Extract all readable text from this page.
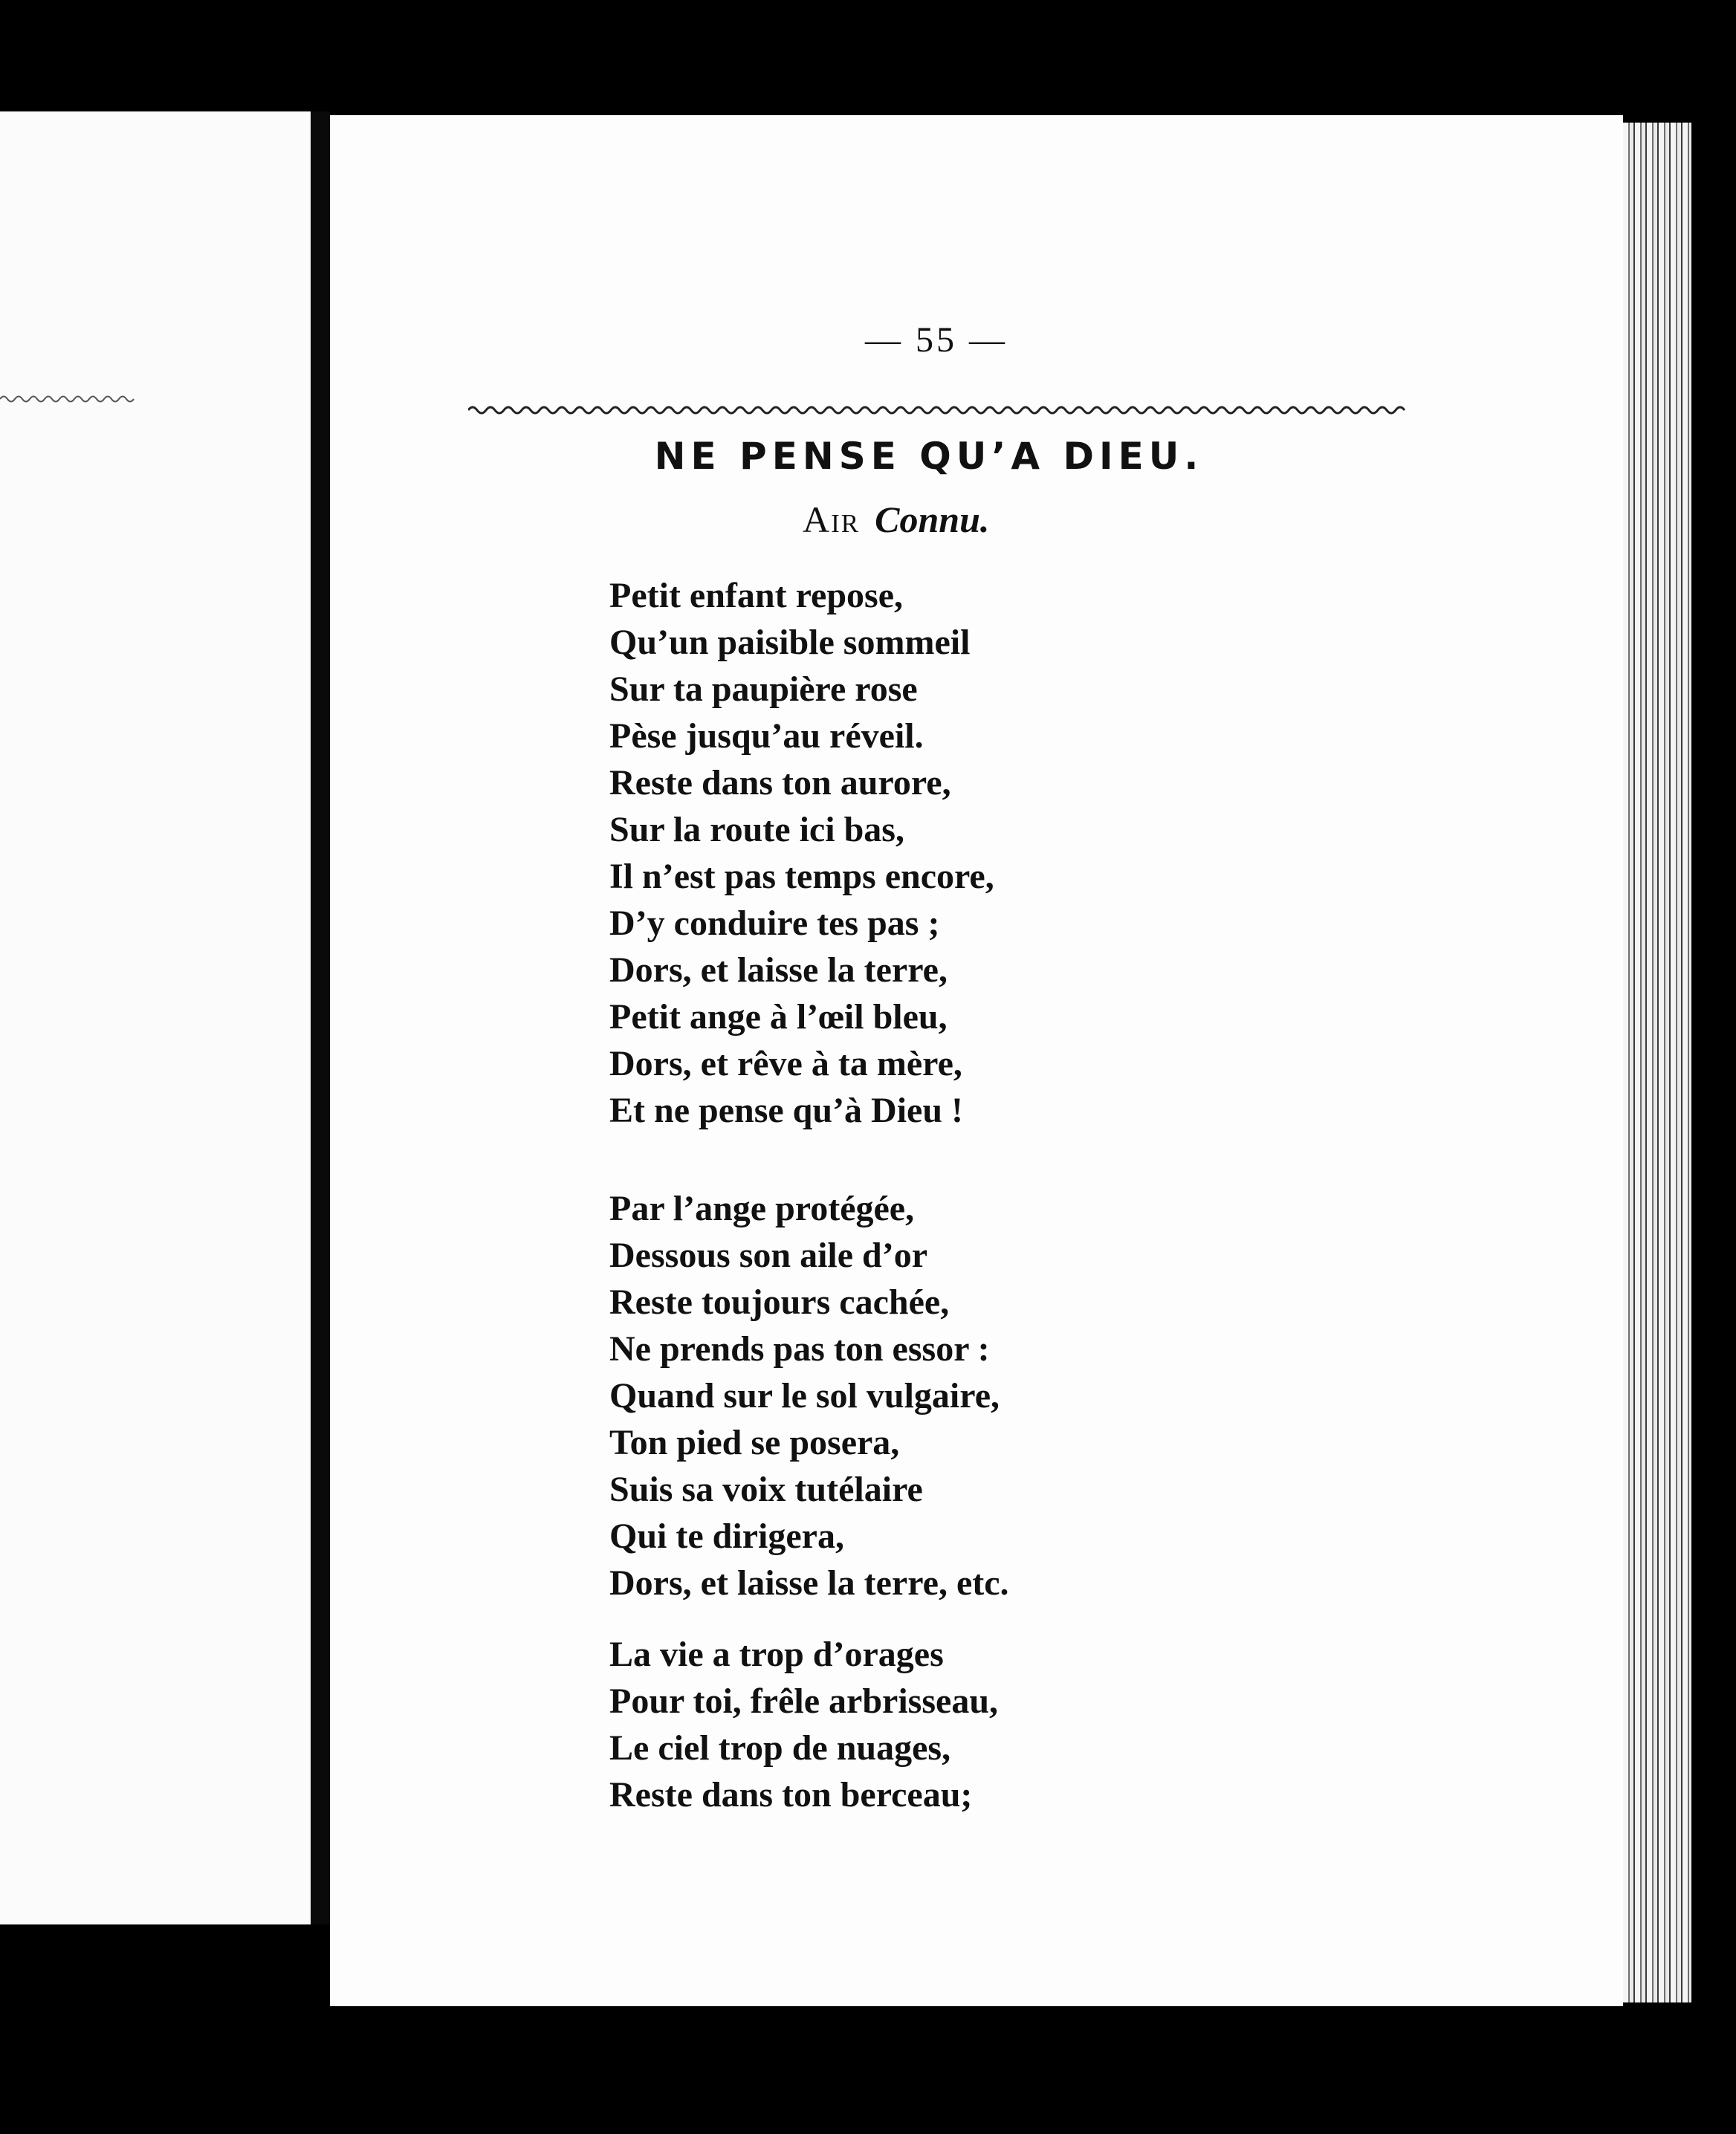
— 55 —
NE PENSE QU’A DIEU.
Air Connu.
Petit enfant repose,
Qu’un paisible sommeil
Sur ta paupière rose
Pèse jusqu’au réveil.
Reste dans ton aurore,
Sur la route ici bas,
Il n’est pas temps encore,
D’y conduire tes pas ;
Dors, et laisse la terre,
Petit ange à l’œil bleu,
Dors, et rêve à ta mère,
Et ne pense qu’à Dieu !
Par l’ange protégée,
Dessous son aile d’or
Reste toujours cachée,
Ne prends pas ton essor :
Quand sur le sol vulgaire,
Ton pied se posera,
Suis sa voix tutélaire
Qui te dirigera,
Dors, et laisse la terre, etc.
La vie a trop d’orages
Pour toi, frêle arbrisseau,
Le ciel trop de nuages,
Reste dans ton berceau;
